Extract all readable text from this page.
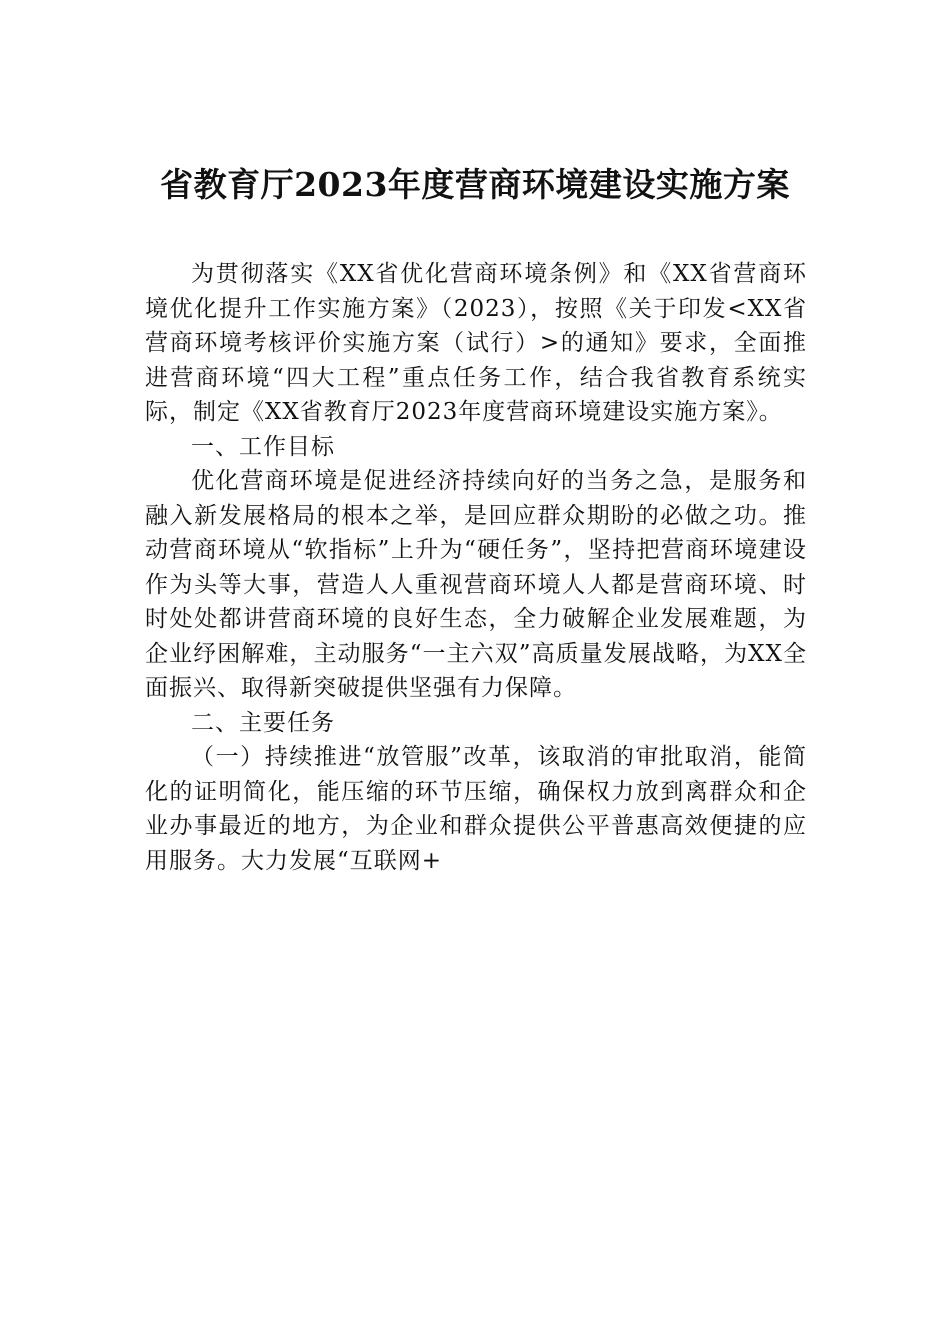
省教育厅2023年度营商环境建设实施方案

为贯彻落实《XX省优化营商环境条例》和《XX省营商环境优化提升工作实施方案》（2023），按照《关于印发<XX省营商环境考核评价实施方案（试行）>的通知》要求，全面推进营商环境“四大工程”重点任务工作，结合我省教育系统实际，制定《XX省教育厅2023年度营商环境建设实施方案》。

一、工作目标

优化营商环境是促进经济持续向好的当务之急，是服务和融入新发展格局的根本之举，是回应群众期盼的必做之功。推动营商环境从“软指标”上升为“硬任务”，坚持把营商环境建设作为头等大事，营造人人重视营商环境人人都是营商环境、时时处处都讲营商环境的良好生态，全力破解企业发展难题，为企业纾困解难，主动服务“一主六双”高质量发展战略，为XX全面振兴、取得新突破提供坚强有力保障。

二、主要任务

（一）持续推进“放管服”改革，该取消的审批取消，能简化的证明简化，能压缩的环节压缩，确保权力放到离群众和企业办事最近的地方，为企业和群众提供公平普惠高效便捷的应用服务。大力发展“互联网+
